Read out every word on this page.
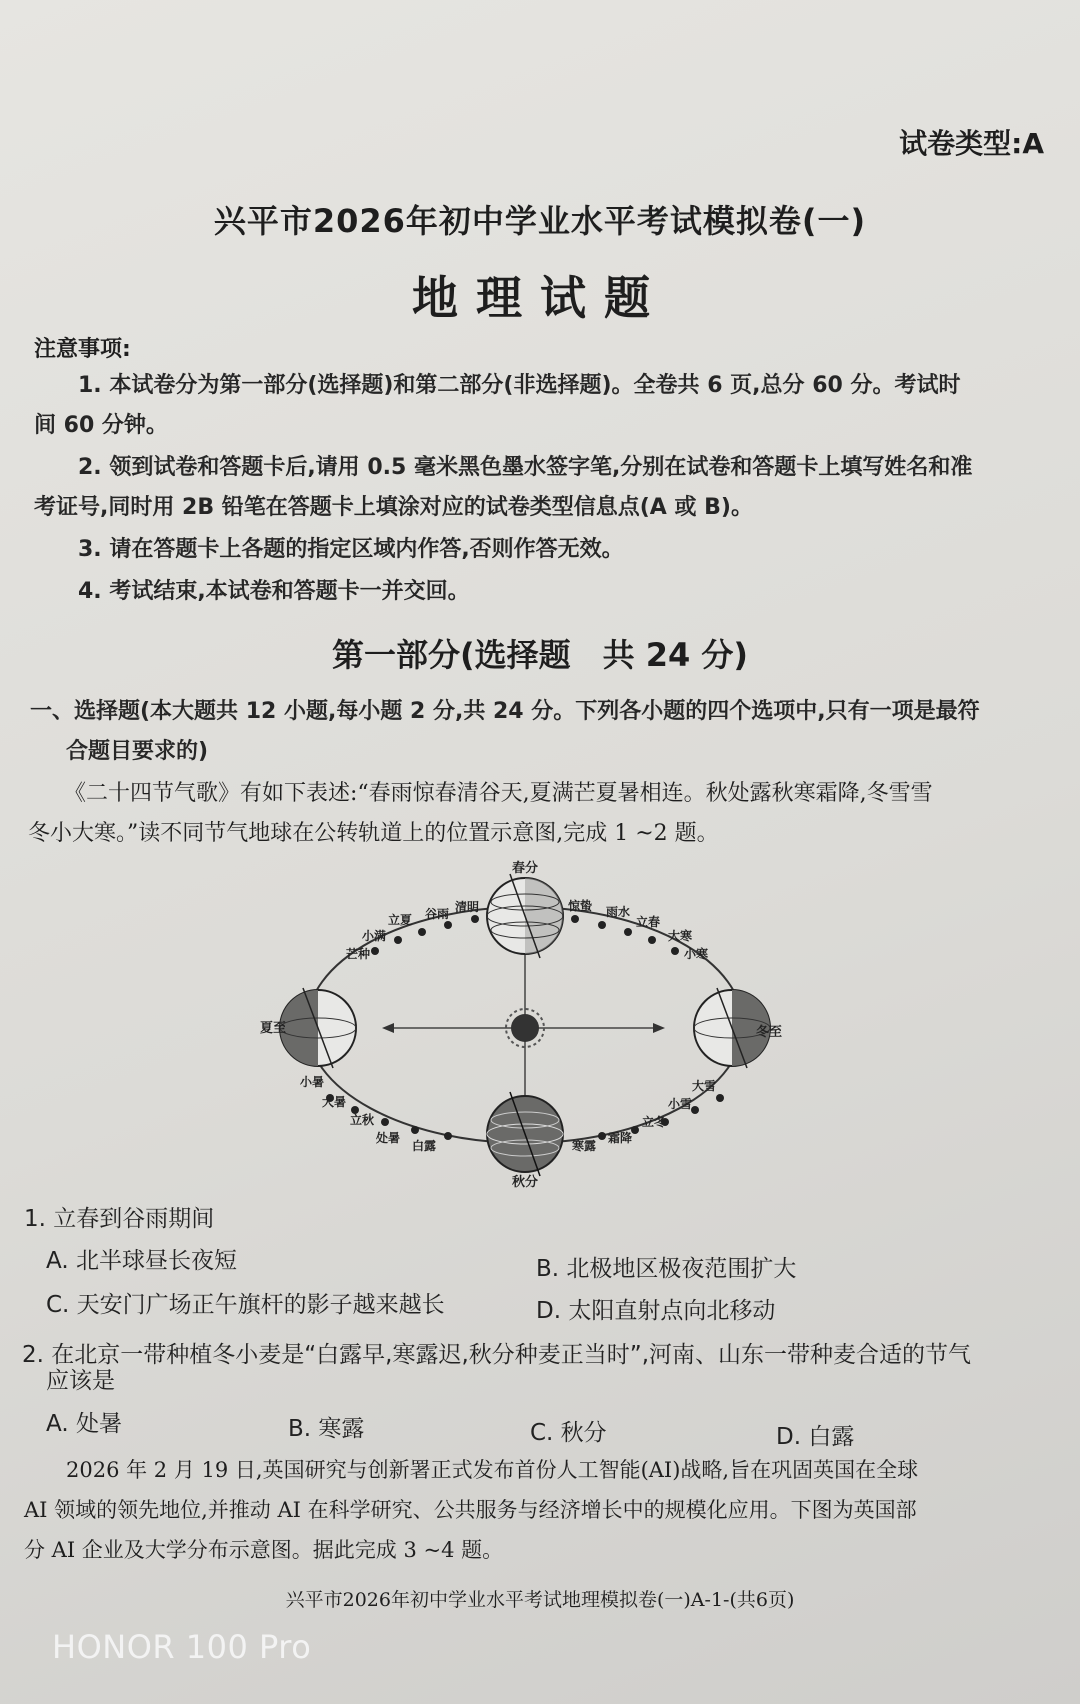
试卷类型:A
兴平市2026年初中学业水平考试模拟卷(一)
地理试题
注意事项:
1. 本试卷分为第一部分(选择题)和第二部分(非选择题)。全卷共 6 页,总分 60 分。考试时
间 60 分钟。
2. 领到试卷和答题卡后,请用 0.5 毫米黑色墨水签字笔,分别在试卷和答题卡上填写姓名和准
考证号,同时用 2B 铅笔在答题卡上填涂对应的试卷类型信息点(A 或 B)。
3. 请在答题卡上各题的指定区域内作答,否则作答无效。
4. 考试结束,本试卷和答题卡一并交回。
第一部分(选择题　共 24 分)
一、选择题(本大题共 12 小题,每小题 2 分,共 24 分。下列各小题的四个选项中,只有一项是最符
合题目要求的)
《二十四节气歌》有如下表述:“春雨惊春清谷天,夏满芒夏暑相连。秋处露秋寒霜降,冬雪雪
冬小大寒。”读不同节气地球在公转轨道上的位置示意图,完成 1 ~2 题。
春分
秋分
夏至	冬至
清明
谷雨
立夏
小满
芒种
惊蛰 雨水
立春
大寒
小寒
小暑
大暑
立秋
处暑
白露	寒露
霜降
立冬
小雪
大雪
1. 立春到谷雨期间
A. 北半球昼长夜短	B. 北极地区极夜范围扩大
C. 天安门广场正午旗杆的影子越来越长	D. 太阳直射点向北移动
2. 在北京一带种植冬小麦是“白露早,寒露迟,秋分种麦正当时”,河南、山东一带种麦合适的节气
应该是
A. 处暑	B. 寒露	C. 秋分	D. 白露
2026 年 2 月 19 日,英国研究与创新署正式发布首份人工智能(AI)战略,旨在巩固英国在全球
AI 领域的领先地位,并推动 AI 在科学研究、公共服务与经济增长中的规模化应用。下图为英国部
分 AI 企业及大学分布示意图。据此完成 3 ~4 题。
兴平市2026年初中学业水平考试地理模拟卷(一)A-1-(共6页)
HONOR 100 Pro
